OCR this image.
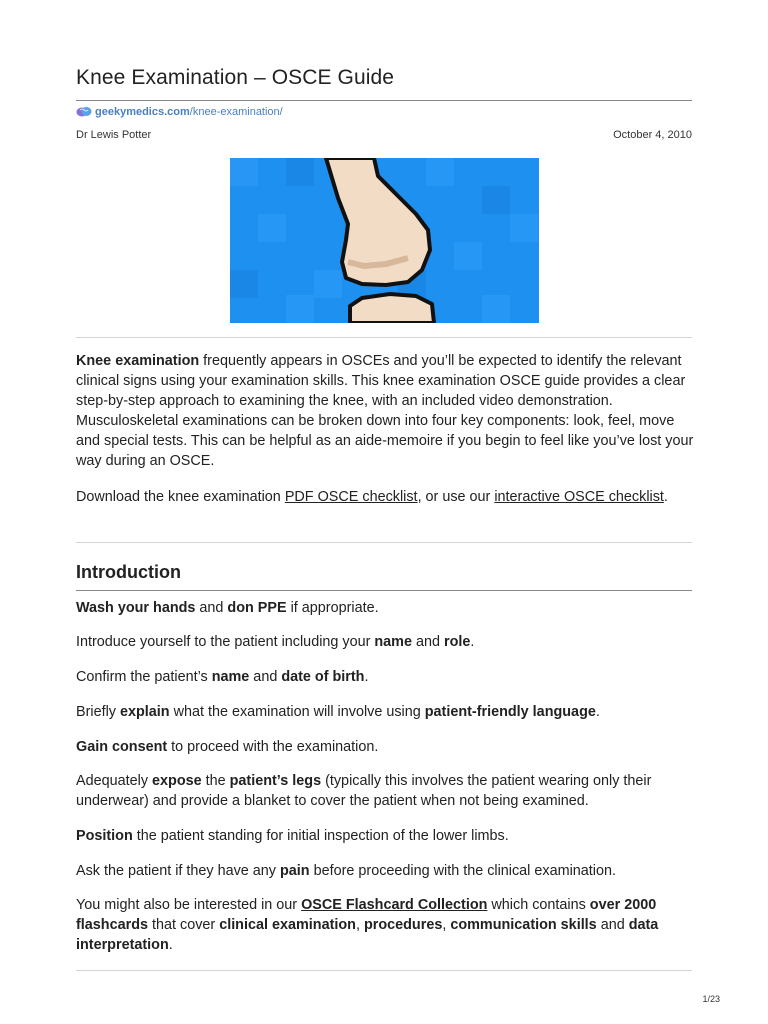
Knee Examination – OSCE Guide
geekymedics.com /knee-examination/
Dr Lewis Potter	October 4, 2010

Knee examination frequently appears in OSCEs and you’ll be expected to identify the relevant clinical signs using your examination skills. This knee examination OSCE guide provides a clear step-by-step approach to examining the knee, with an included video demonstration. Musculoskeletal examinations can be broken down into four key components: look, feel, move and special tests. This can be helpful as an aide-memoire if you begin to feel like you’ve lost your way during an OSCE.

Download the knee examination PDF OSCE checklist, or use our interactive OSCE checklist.

Introduction

Wash your hands and don PPE if appropriate.

Introduce yourself to the patient including your name and role.

Confirm the patient’s name and date of birth.

Briefly explain what the examination will involve using patient-friendly language.

Gain consent to proceed with the examination.

Adequately expose the patient’s legs (typically this involves the patient wearing only their underwear) and provide a blanket to cover the patient when not being examined.

Position the patient standing for initial inspection of the lower limbs.

Ask the patient if they have any pain before proceeding with the clinical examination.

You might also be interested in our OSCE Flashcard Collection which contains over 2000 flashcards that cover clinical examination, procedures, communication skills and data interpretation.

1/23
